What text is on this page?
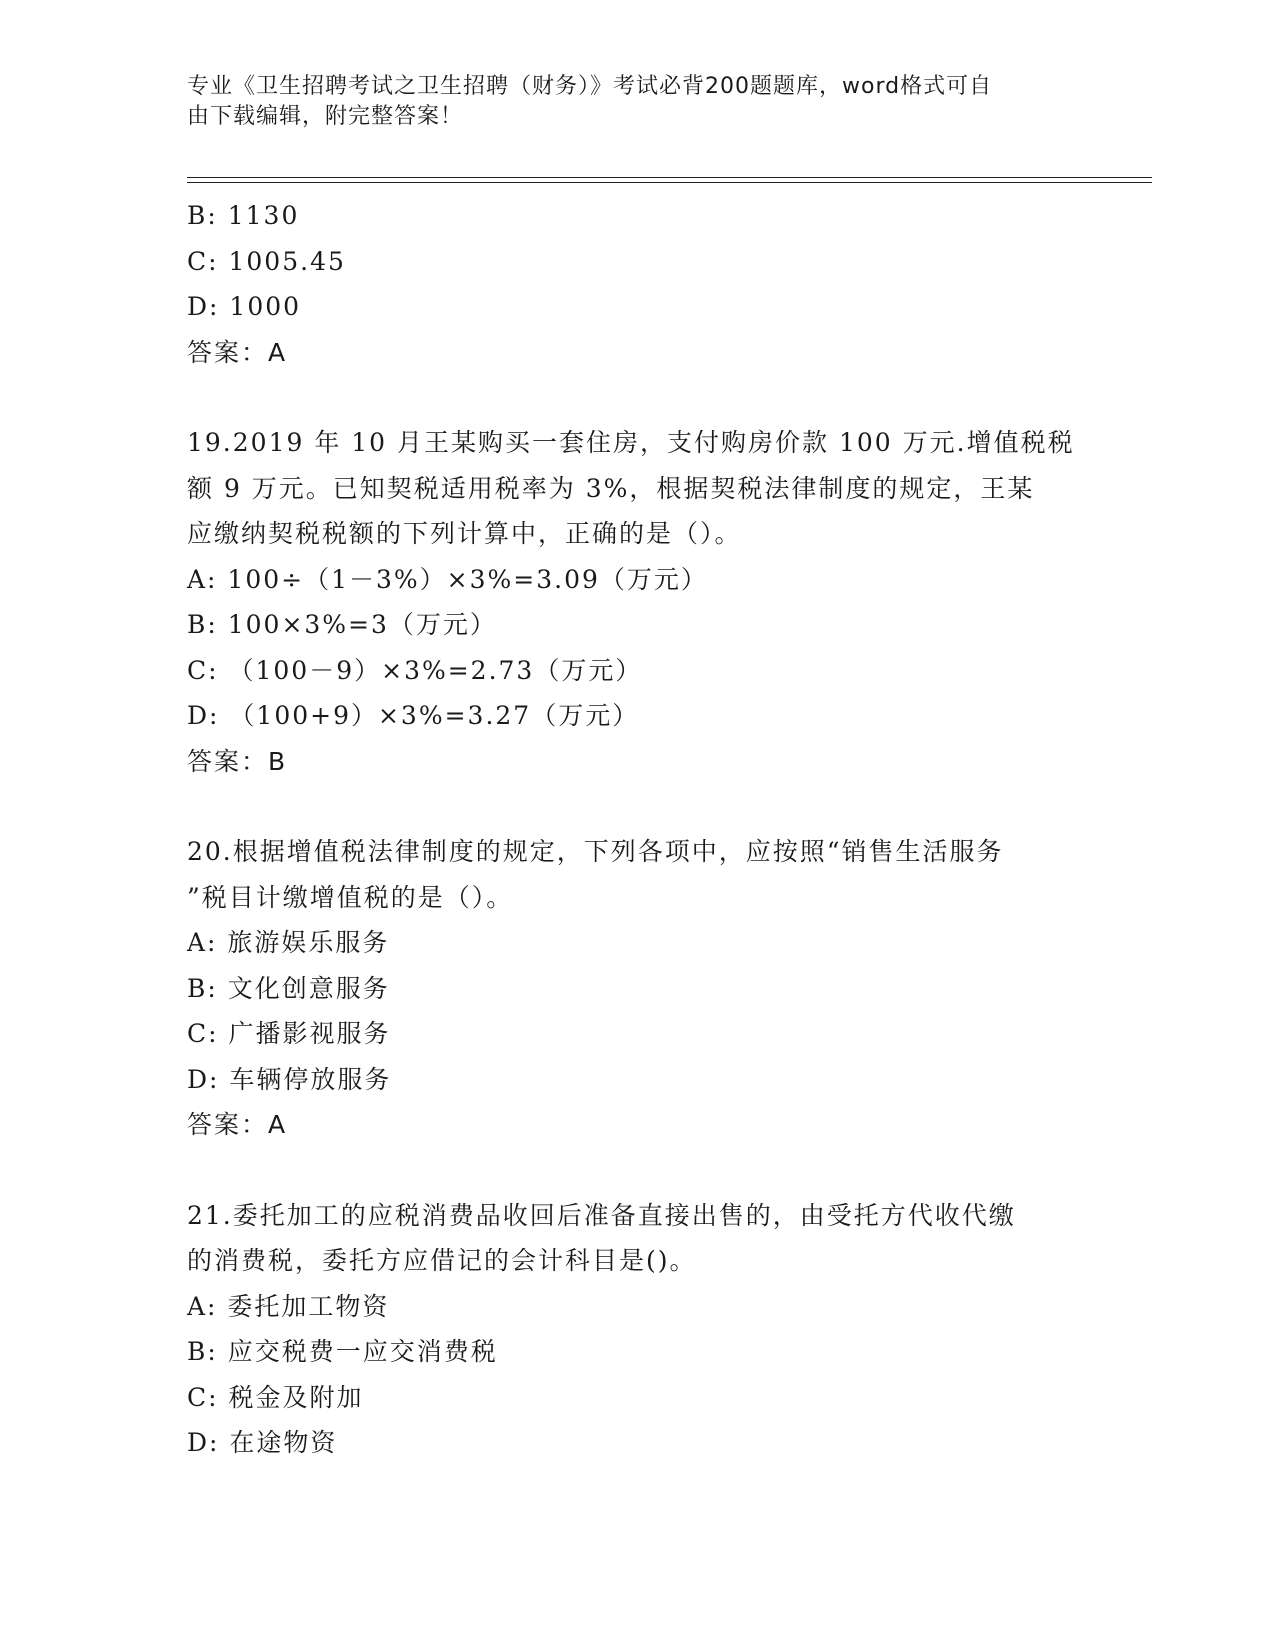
专业《卫生招聘考试之卫生招聘（财务）》考试必背200题题库，word格式可自
由下载编辑，附完整答案！
B: 1130
C: 1005.45
D: 1000
答案：A
19.2019 年 10 月王某购买一套住房，支付购房价款 100 万元.增值税税
额 9 万元。已知契税适用税率为 3%，根据契税法律制度的规定，王某
应缴纳契税税额的下列计算中，正确的是（）。
A: 100÷（1－3%）×3%=3.09（万元）
B: 100×3%=3（万元）
C: （100－9）×3%=2.73（万元）
D: （100+9）×3%=3.27（万元）
答案：B
20.根据增值税法律制度的规定，下列各项中，应按照“销售生活服务
”税目计缴增值税的是（）。
A: 旅游娱乐服务
B: 文化创意服务
C: 广播影视服务
D: 车辆停放服务
答案：A
21.委托加工的应税消费品收回后准备直接出售的，由受托方代收代缴
的消费税，委托方应借记的会计科目是()。
A: 委托加工物资
B: 应交税费一应交消费税
C: 税金及附加
D: 在途物资
